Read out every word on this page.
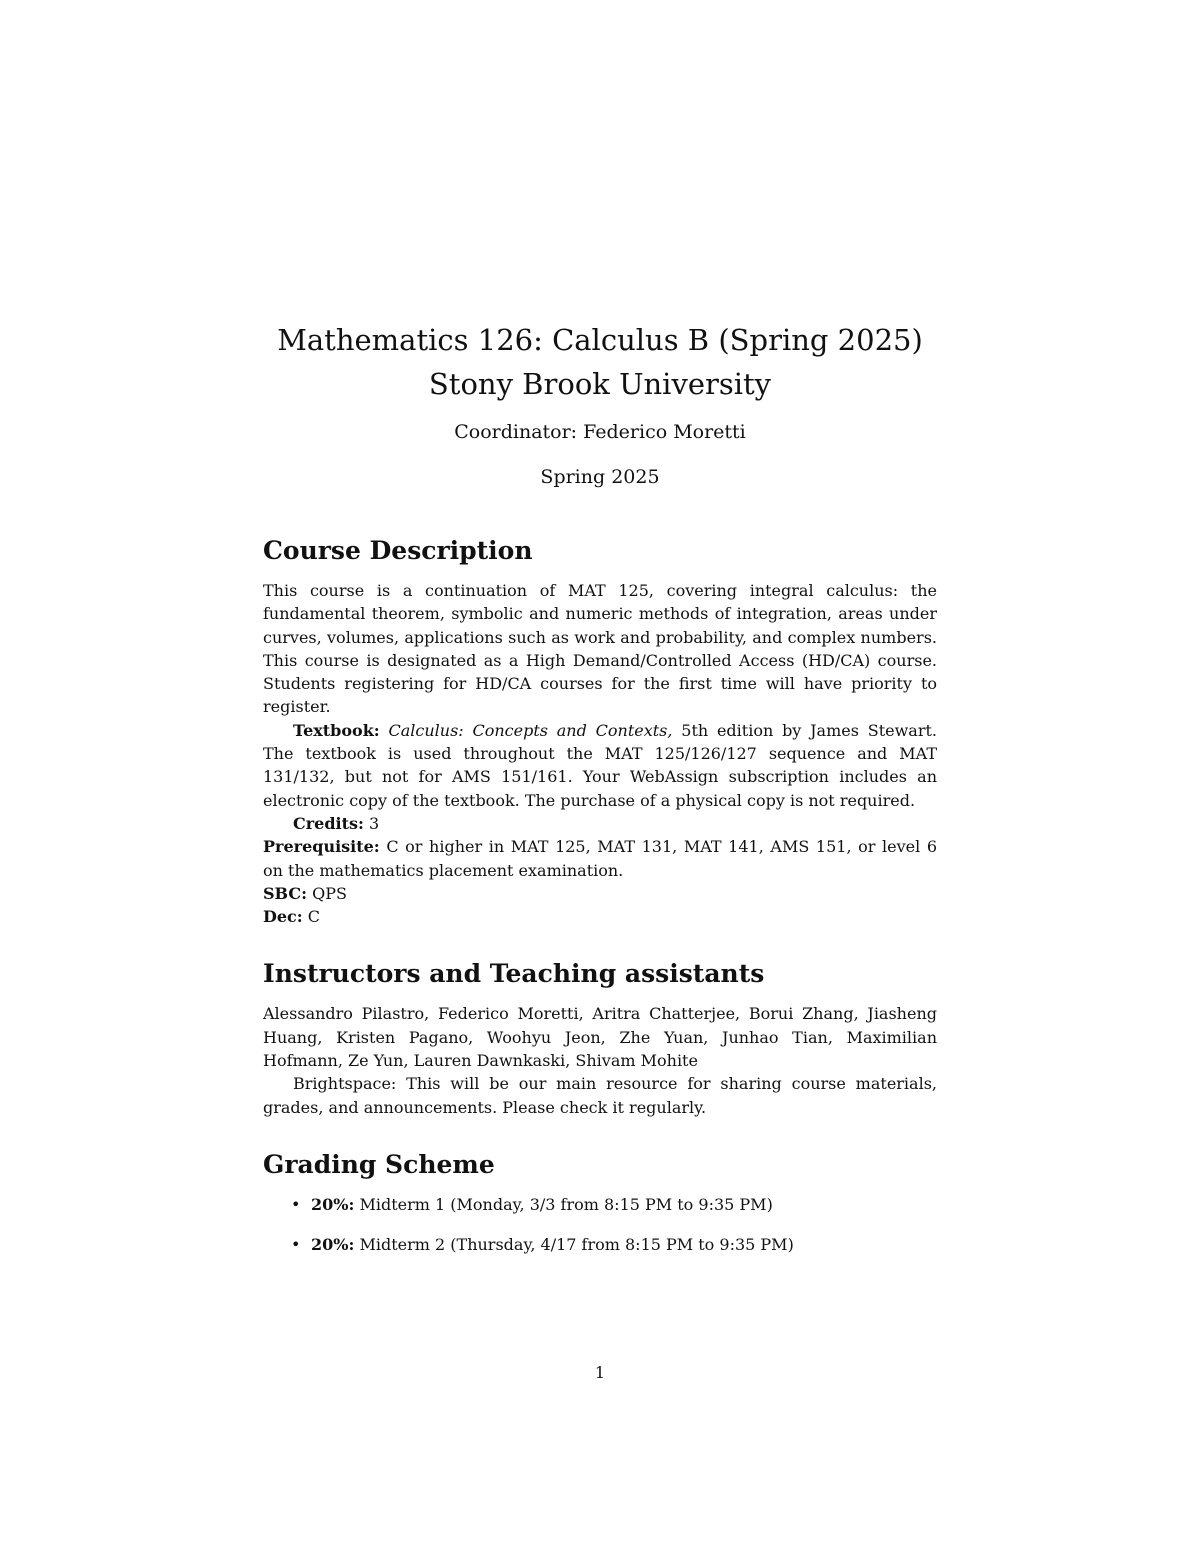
Mathematics 126: Calculus B (Spring 2025)
Stony Brook University
Coordinator: Federico Moretti
Spring 2025
Course Description

This course is a continuation of MAT 125, covering integral calculus: the fundamental theorem, symbolic and numeric methods of integration, areas under curves, volumes, applications such as work and probability, and complex numbers. This course is designated as a High Demand/Controlled Access (HD/CA) course. Students registering for HD/CA courses for the first time will have priority to register.

Textbook: Calculus: Concepts and Contexts, 5th edition by James Stewart. The textbook is used throughout the MAT 125/126/127 sequence and MAT 131/132, but not for AMS 151/161. Your WebAssign subscription includes an electronic copy of the textbook. The purchase of a physical copy is not required.

Credits: 3

Prerequisite: C or higher in MAT 125, MAT 131, MAT 141, AMS 151, or level 6 on the mathematics placement examination.

SBC: QPS

Dec: C

Instructors and Teaching assistants

Alessandro Pilastro, Federico Moretti, Aritra Chatterjee, Borui Zhang, Jiasheng Huang, Kristen Pagano, Woohyu Jeon, Zhe Yuan, Junhao Tian, Maximilian Hofmann, Ze Yun, Lauren Dawnkaski, Shivam Mohite

Brightspace: This will be our main resource for sharing course materials, grades, and announcements. Please check it regularly.

Grading Scheme
• 20%: Midterm 1 (Monday, 3/3 from 8:15 PM to 9:35 PM)
• 20%: Midterm 2 (Thursday, 4/17 from 8:15 PM to 9:35 PM)
1
